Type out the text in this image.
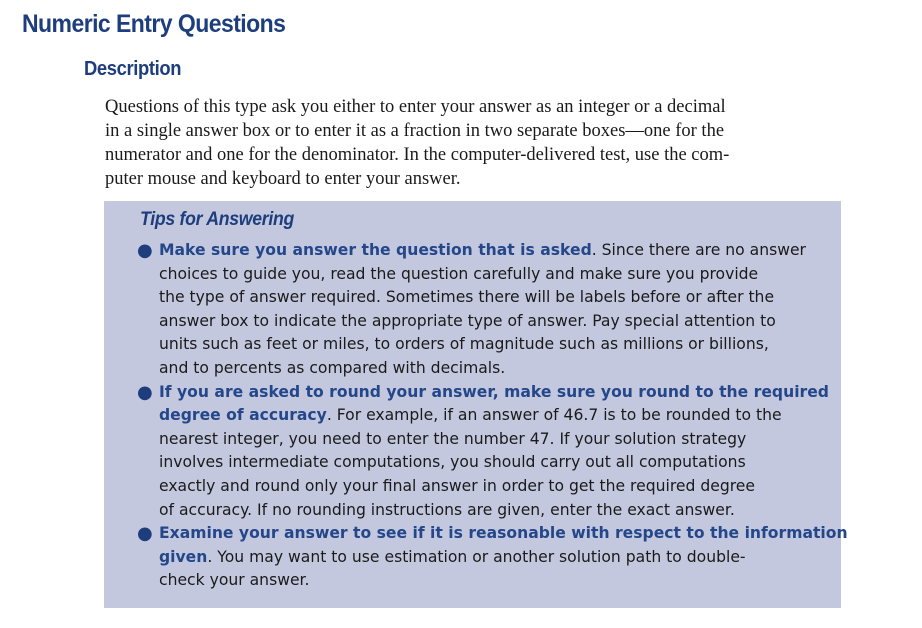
Numeric Entry Questions
Description

Questions of this type ask you either to enter your answer as an integer or a decimal
in a single answer box or to enter it as a fraction in two separate boxes—one for the
numerator and one for the denominator. In the computer-delivered test, use the com-
puter mouse and keyboard to enter your answer.

Tips for Answering
● Make sure you answer the question that is asked. Since there are no answer
choices to guide you, read the question carefully and make sure you provide
the type of answer required. Sometimes there will be labels before or after the
answer box to indicate the appropriate type of answer. Pay special attention to
units such as feet or miles, to orders of magnitude such as millions or billions,
and to percents as compared with decimals.
● If you are asked to round your answer, make sure you round to the required
degree of accuracy. For example, if an answer of 46.7 is to be rounded to the
nearest integer, you need to enter the number 47. If your solution strategy
involves intermediate computations, you should carry out all computations
exactly and round only your final answer in order to get the required degree
of accuracy. If no rounding instructions are given, enter the exact answer.
● Examine your answer to see if it is reasonable with respect to the information
given. You may want to use estimation or another solution path to double-
check your answer.
